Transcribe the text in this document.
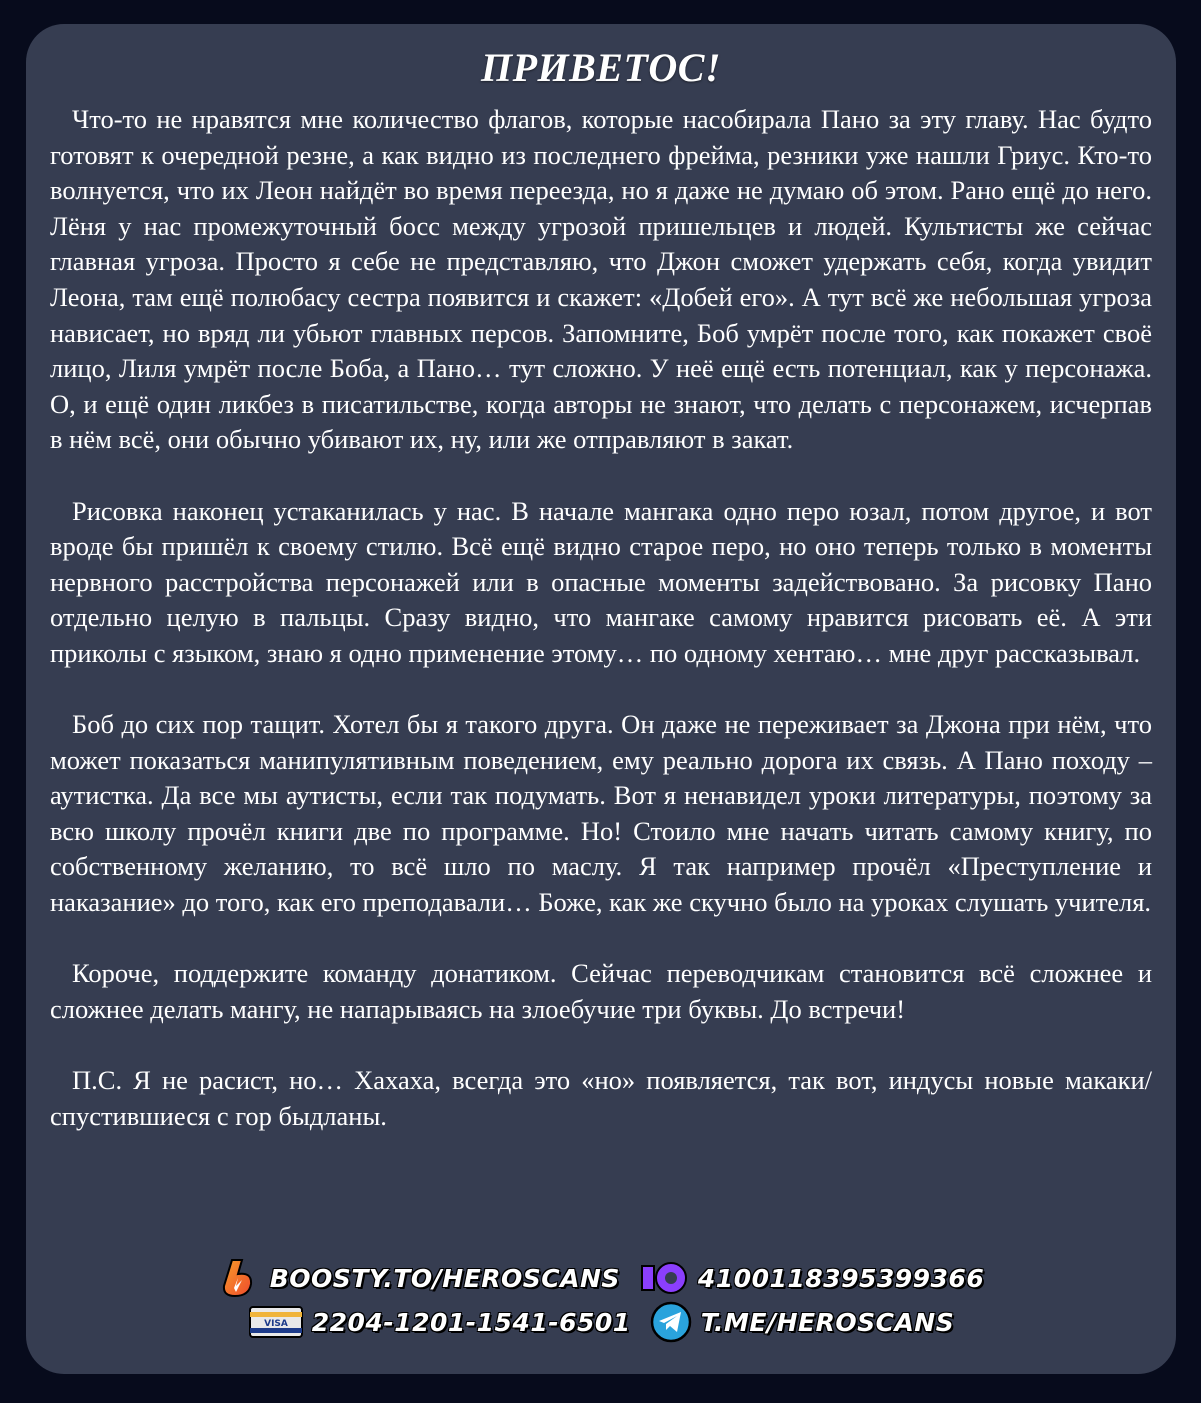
ПРИВЕТОС!

Что-то не нравятся мне количество флагов, которые насобирала Пано за эту главу. Нас будто готовят к очередной резне, а как видно из последнего фрейма, резники уже нашли Гриус. Кто-то волнуется, что их Леон найдёт во время переезда, но я даже не думаю об этом. Рано ещё до него. Лёня у нас промежуточный босс между угрозой пришельцев и людей. Культисты же сейчас главная угроза. Просто я себе не представляю, что Джон сможет удержать себя, когда увидит Леона, там ещё полюбасу сестра появится и скажет: «Добей его». А тут всё же небольшая угроза нависает, но вряд ли убьют главных персов. Запомните, Боб умрёт после того, как покажет своё лицо, Лиля умрёт после Боба, а Пано… тут сложно. У неё ещё есть потенциал, как у персонажа. О, и ещё один ликбез в писатильстве, когда авторы не знают, что делать с персонажем, исчерпав в нём всё, они обычно убивают их, ну, или же отправляют в закат.

Рисовка наконец устаканилась у нас. В начале мангака одно перо юзал, потом другое, и вот вроде бы пришёл к своему стилю. Всё ещё видно старое перо, но оно теперь только в моменты нервного расстройства персонажей или в опасные моменты задействовано. За рисовку Пано отдельно целую в пальцы. Сразу видно, что мангаке самому нравится рисовать её. А эти приколы с языком, знаю я одно применение этому… по одному хентаю… мне друг рассказывал.

Боб до сих пор тащит. Хотел бы я такого друга. Он даже не переживает за Джона при нём, что может показаться манипулятивным поведением, ему реально дорога их связь. А Пано походу – аутистка. Да все мы аутисты, если так подумать. Вот я ненавидел уроки литературы, поэтому за всю школу прочёл книги две по программе. Но! Стоило мне начать читать самому книгу, по собственному желанию, то всё шло по маслу. Я так например прочёл «Преступление и наказание» до того, как его преподавали… Боже, как же скучно было на уроках слушать учителя.

Короче, поддержите команду донатиком. Сейчас переводчикам становится всё сложнее и сложнее делать мангу, не напарываясь на злоебучие три буквы. До встречи!

П.С. Я не расист, но… Хахаха, всегда это «но» появляется, так вот, индусы новые макаки/спустившиеся с гор быдланы.

BOOSTY.TO/HEROSCANS	4100118395399366
VISA 2204-1201-1541-6501	T.ME/HEROSCANS
